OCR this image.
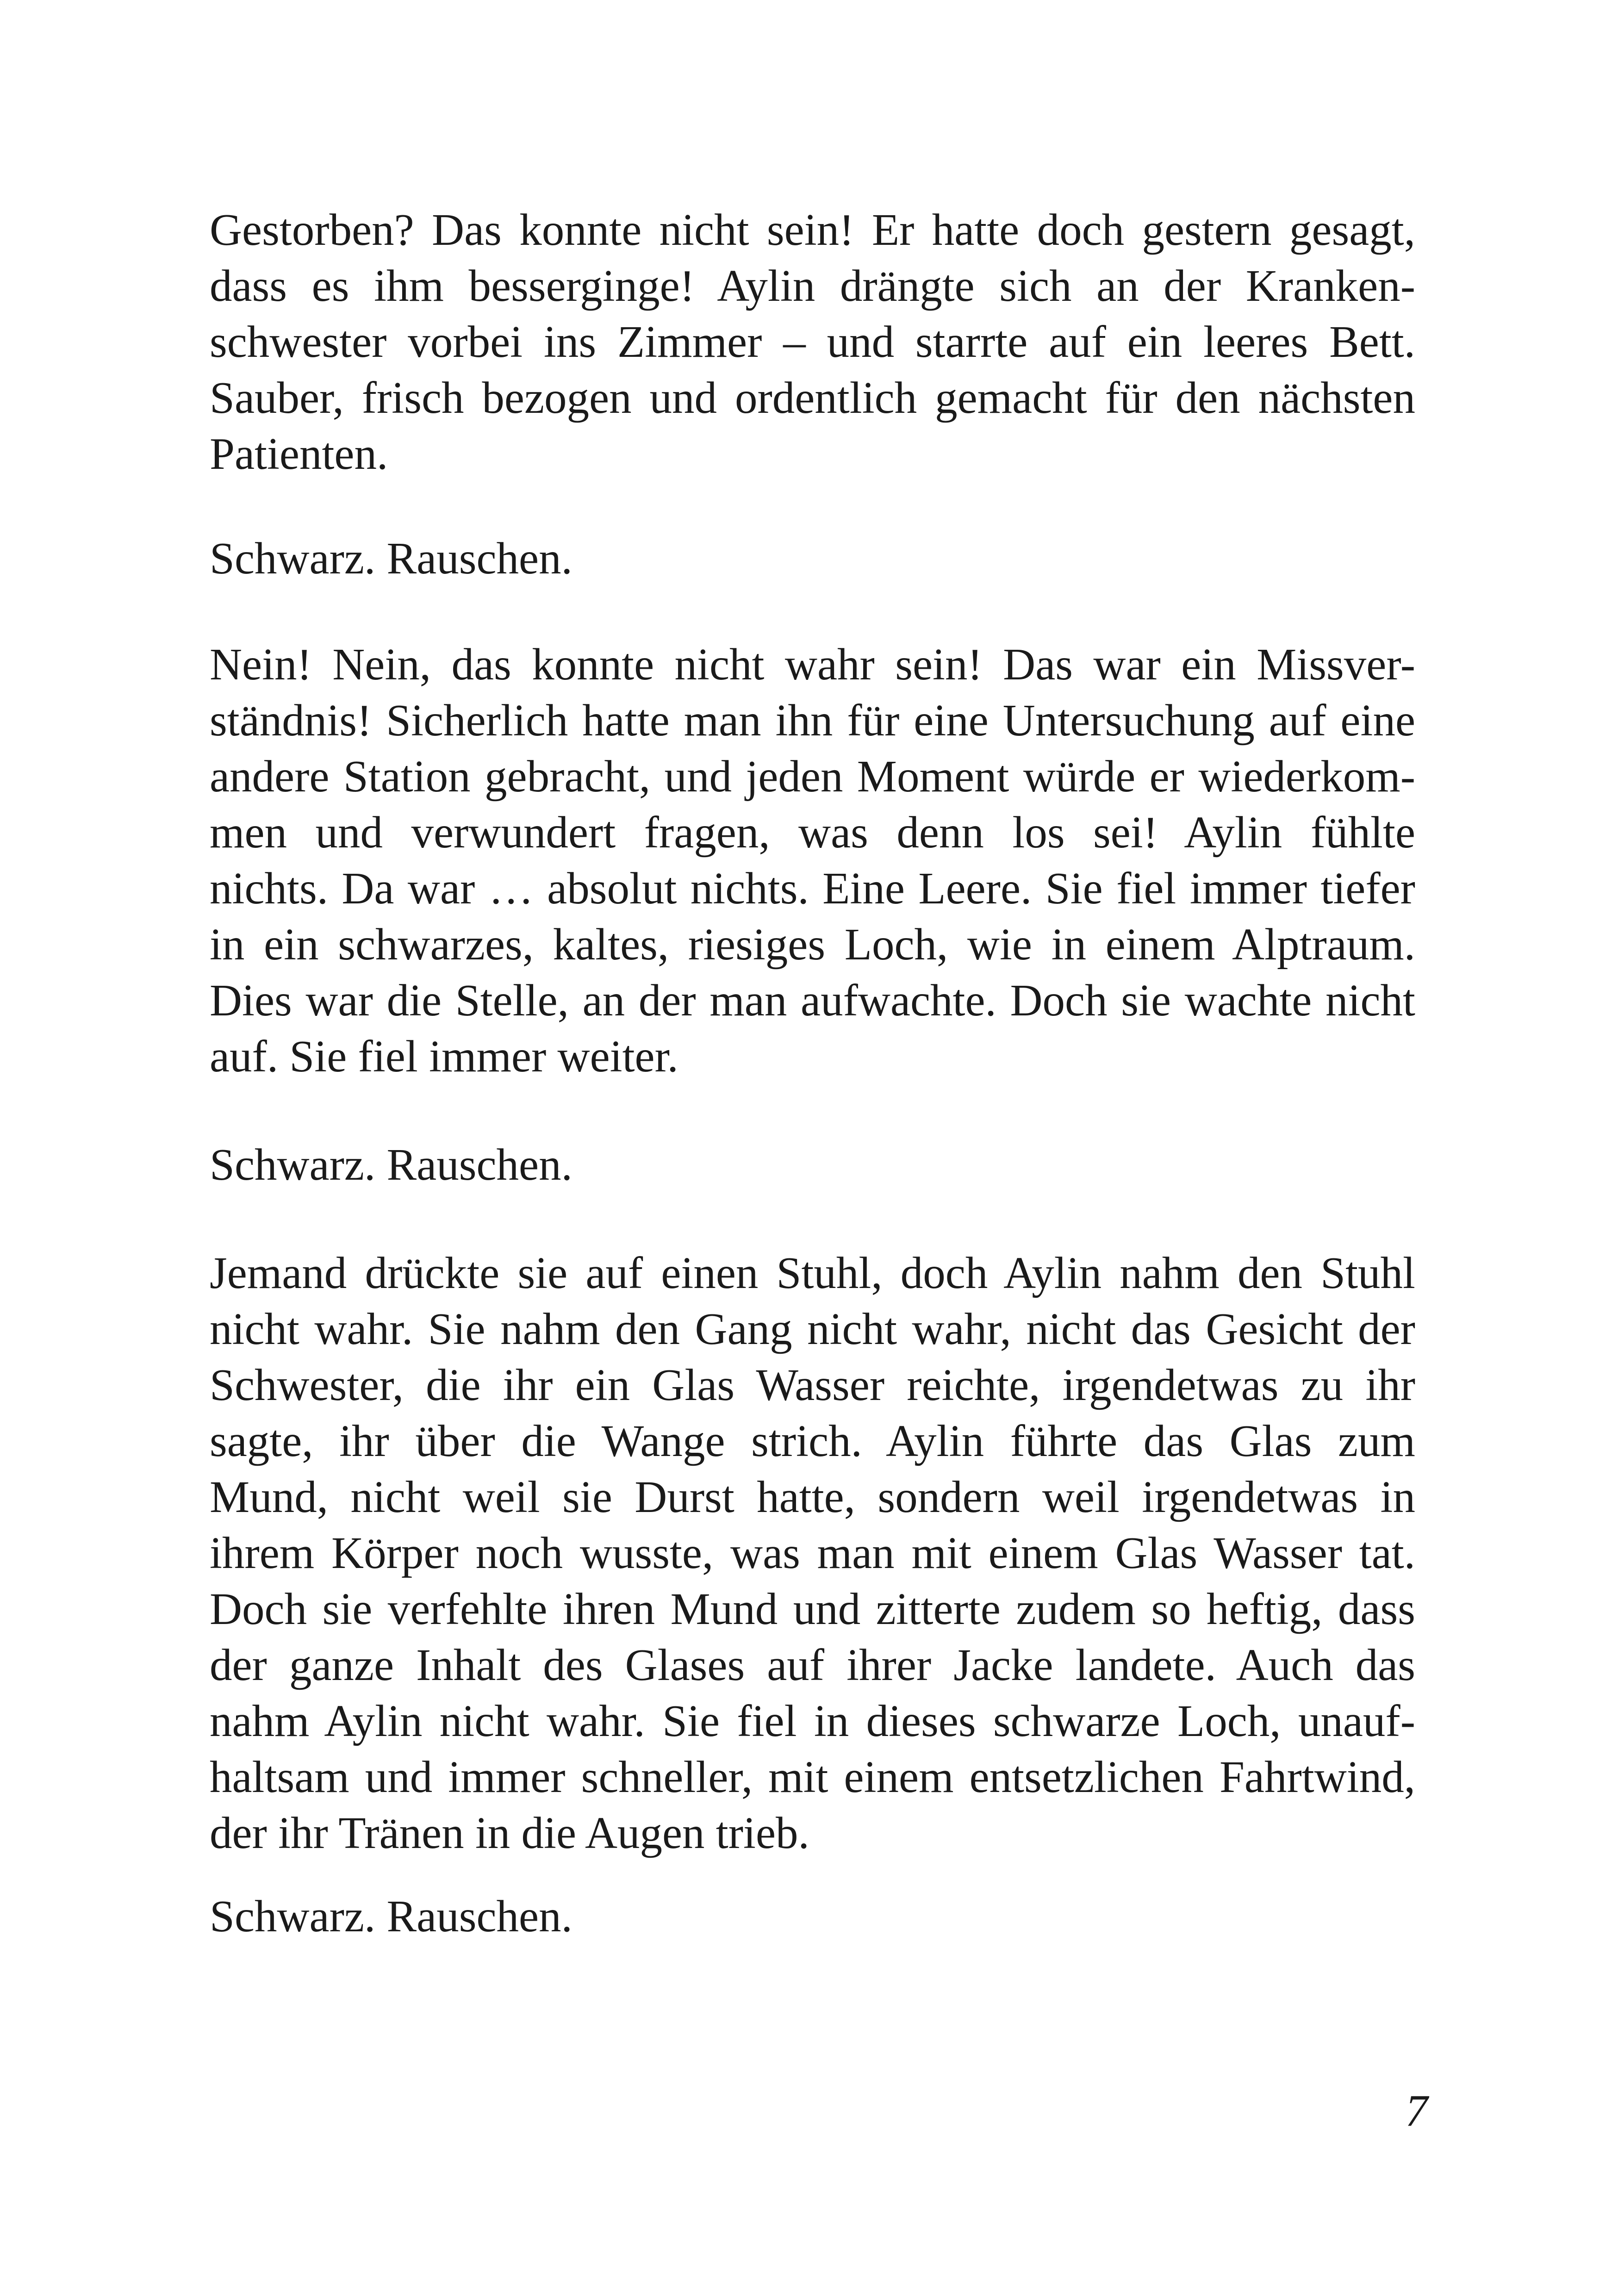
Gestorben? Das konnte nicht sein! Er hatte doch gestern gesagt,
dass es ihm besserginge! Aylin drängte sich an der Kranken-
schwester vorbei ins Zimmer – und starrte auf ein leeres Bett.
Sauber, frisch bezogen und ordentlich gemacht für den nächsten
Patienten.
Schwarz. Rauschen.
Nein! Nein, das konnte nicht wahr sein! Das war ein Missver-
ständnis! Sicherlich hatte man ihn für eine Untersuchung auf eine
andere Station gebracht, und jeden Moment würde er wiederkom-
men und verwundert fragen, was denn los sei! Aylin fühlte
nichts. Da war … absolut nichts. Eine Leere. Sie fiel immer tiefer
in ein schwarzes, kaltes, riesiges Loch, wie in einem Alptraum.
Dies war die Stelle, an der man aufwachte. Doch sie wachte nicht
auf. Sie fiel immer weiter.
Schwarz. Rauschen.
Jemand drückte sie auf einen Stuhl, doch Aylin nahm den Stuhl
nicht wahr. Sie nahm den Gang nicht wahr, nicht das Gesicht der
Schwester, die ihr ein Glas Wasser reichte, irgendetwas zu ihr
sagte, ihr über die Wange strich. Aylin führte das Glas zum
Mund, nicht weil sie Durst hatte, sondern weil irgendetwas in
ihrem Körper noch wusste, was man mit einem Glas Wasser tat.
Doch sie verfehlte ihren Mund und zitterte zudem so heftig, dass
der ganze Inhalt des Glases auf ihrer Jacke landete. Auch das
nahm Aylin nicht wahr. Sie fiel in dieses schwarze Loch, unauf-
haltsam und immer schneller, mit einem entsetzlichen Fahrtwind,
der ihr Tränen in die Augen trieb.
Schwarz. Rauschen.
7
